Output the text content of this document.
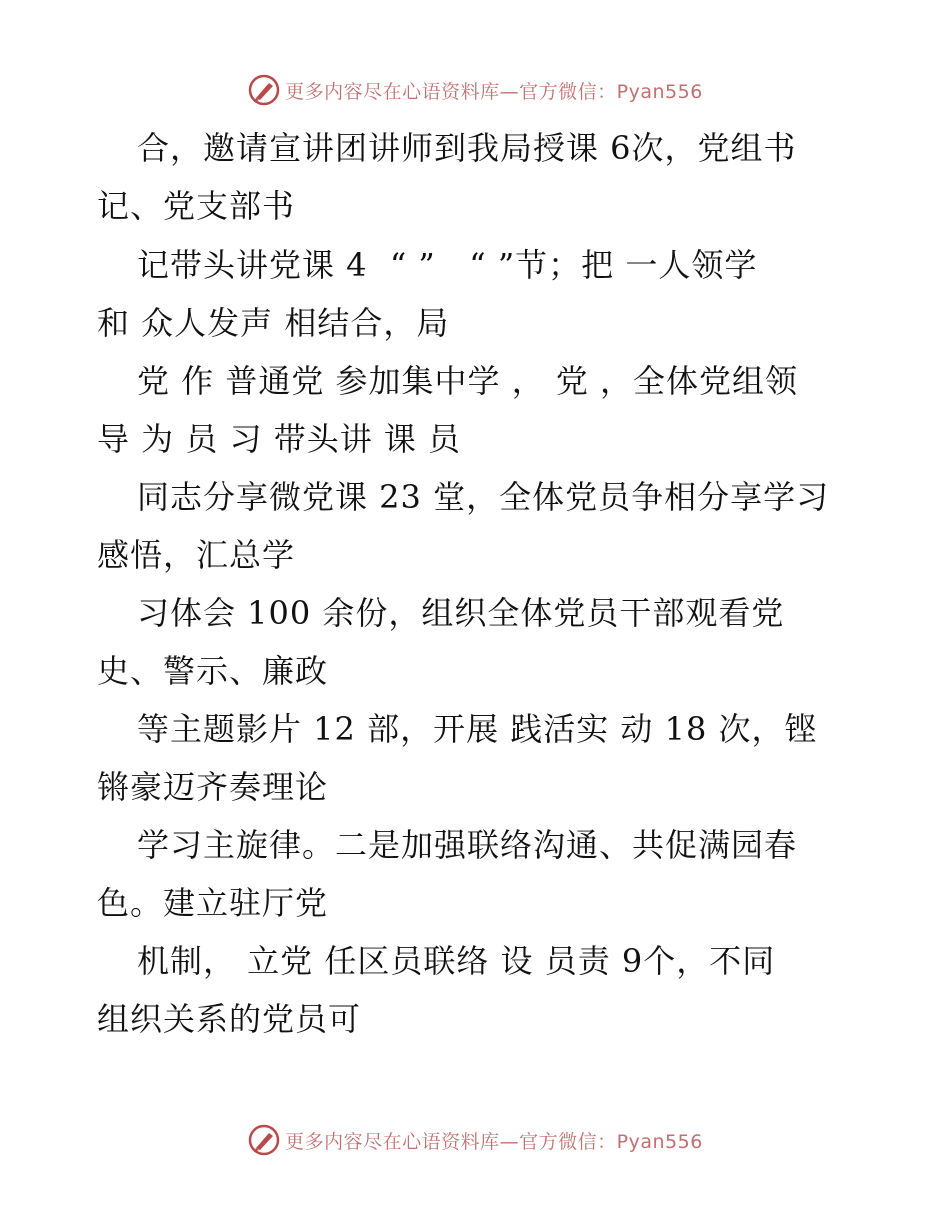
更多内容尽在心语资料库—官方微信：Pyan556
合，邀请宣讲团讲师到我局授课 6次，党组书
记、党支部书
记带头讲党课 4  “ ”   “ ”节；把 一人领学
和 众人发声 相结合，局
党 作 普通党 参加集中学 ， 党 ，全体党组领
导 为 员 习 带头讲 课 员
同志分享微党课 23 堂，全体党员争相分享学习
感悟，汇总学
习体会 100 余份，组织全体党员干部观看党
史、警示、廉政
等主题影片 12 部，开展 践活实 动 18 次，铿
锵豪迈齐奏理论
学习主旋律。二是加强联络沟通、共促满园春
色。建立驻厅党
机制， 立党 任区员联络 设 员责 9个，不同
组织关系的党员可
更多内容尽在心语资料库—官方微信：Pyan556
